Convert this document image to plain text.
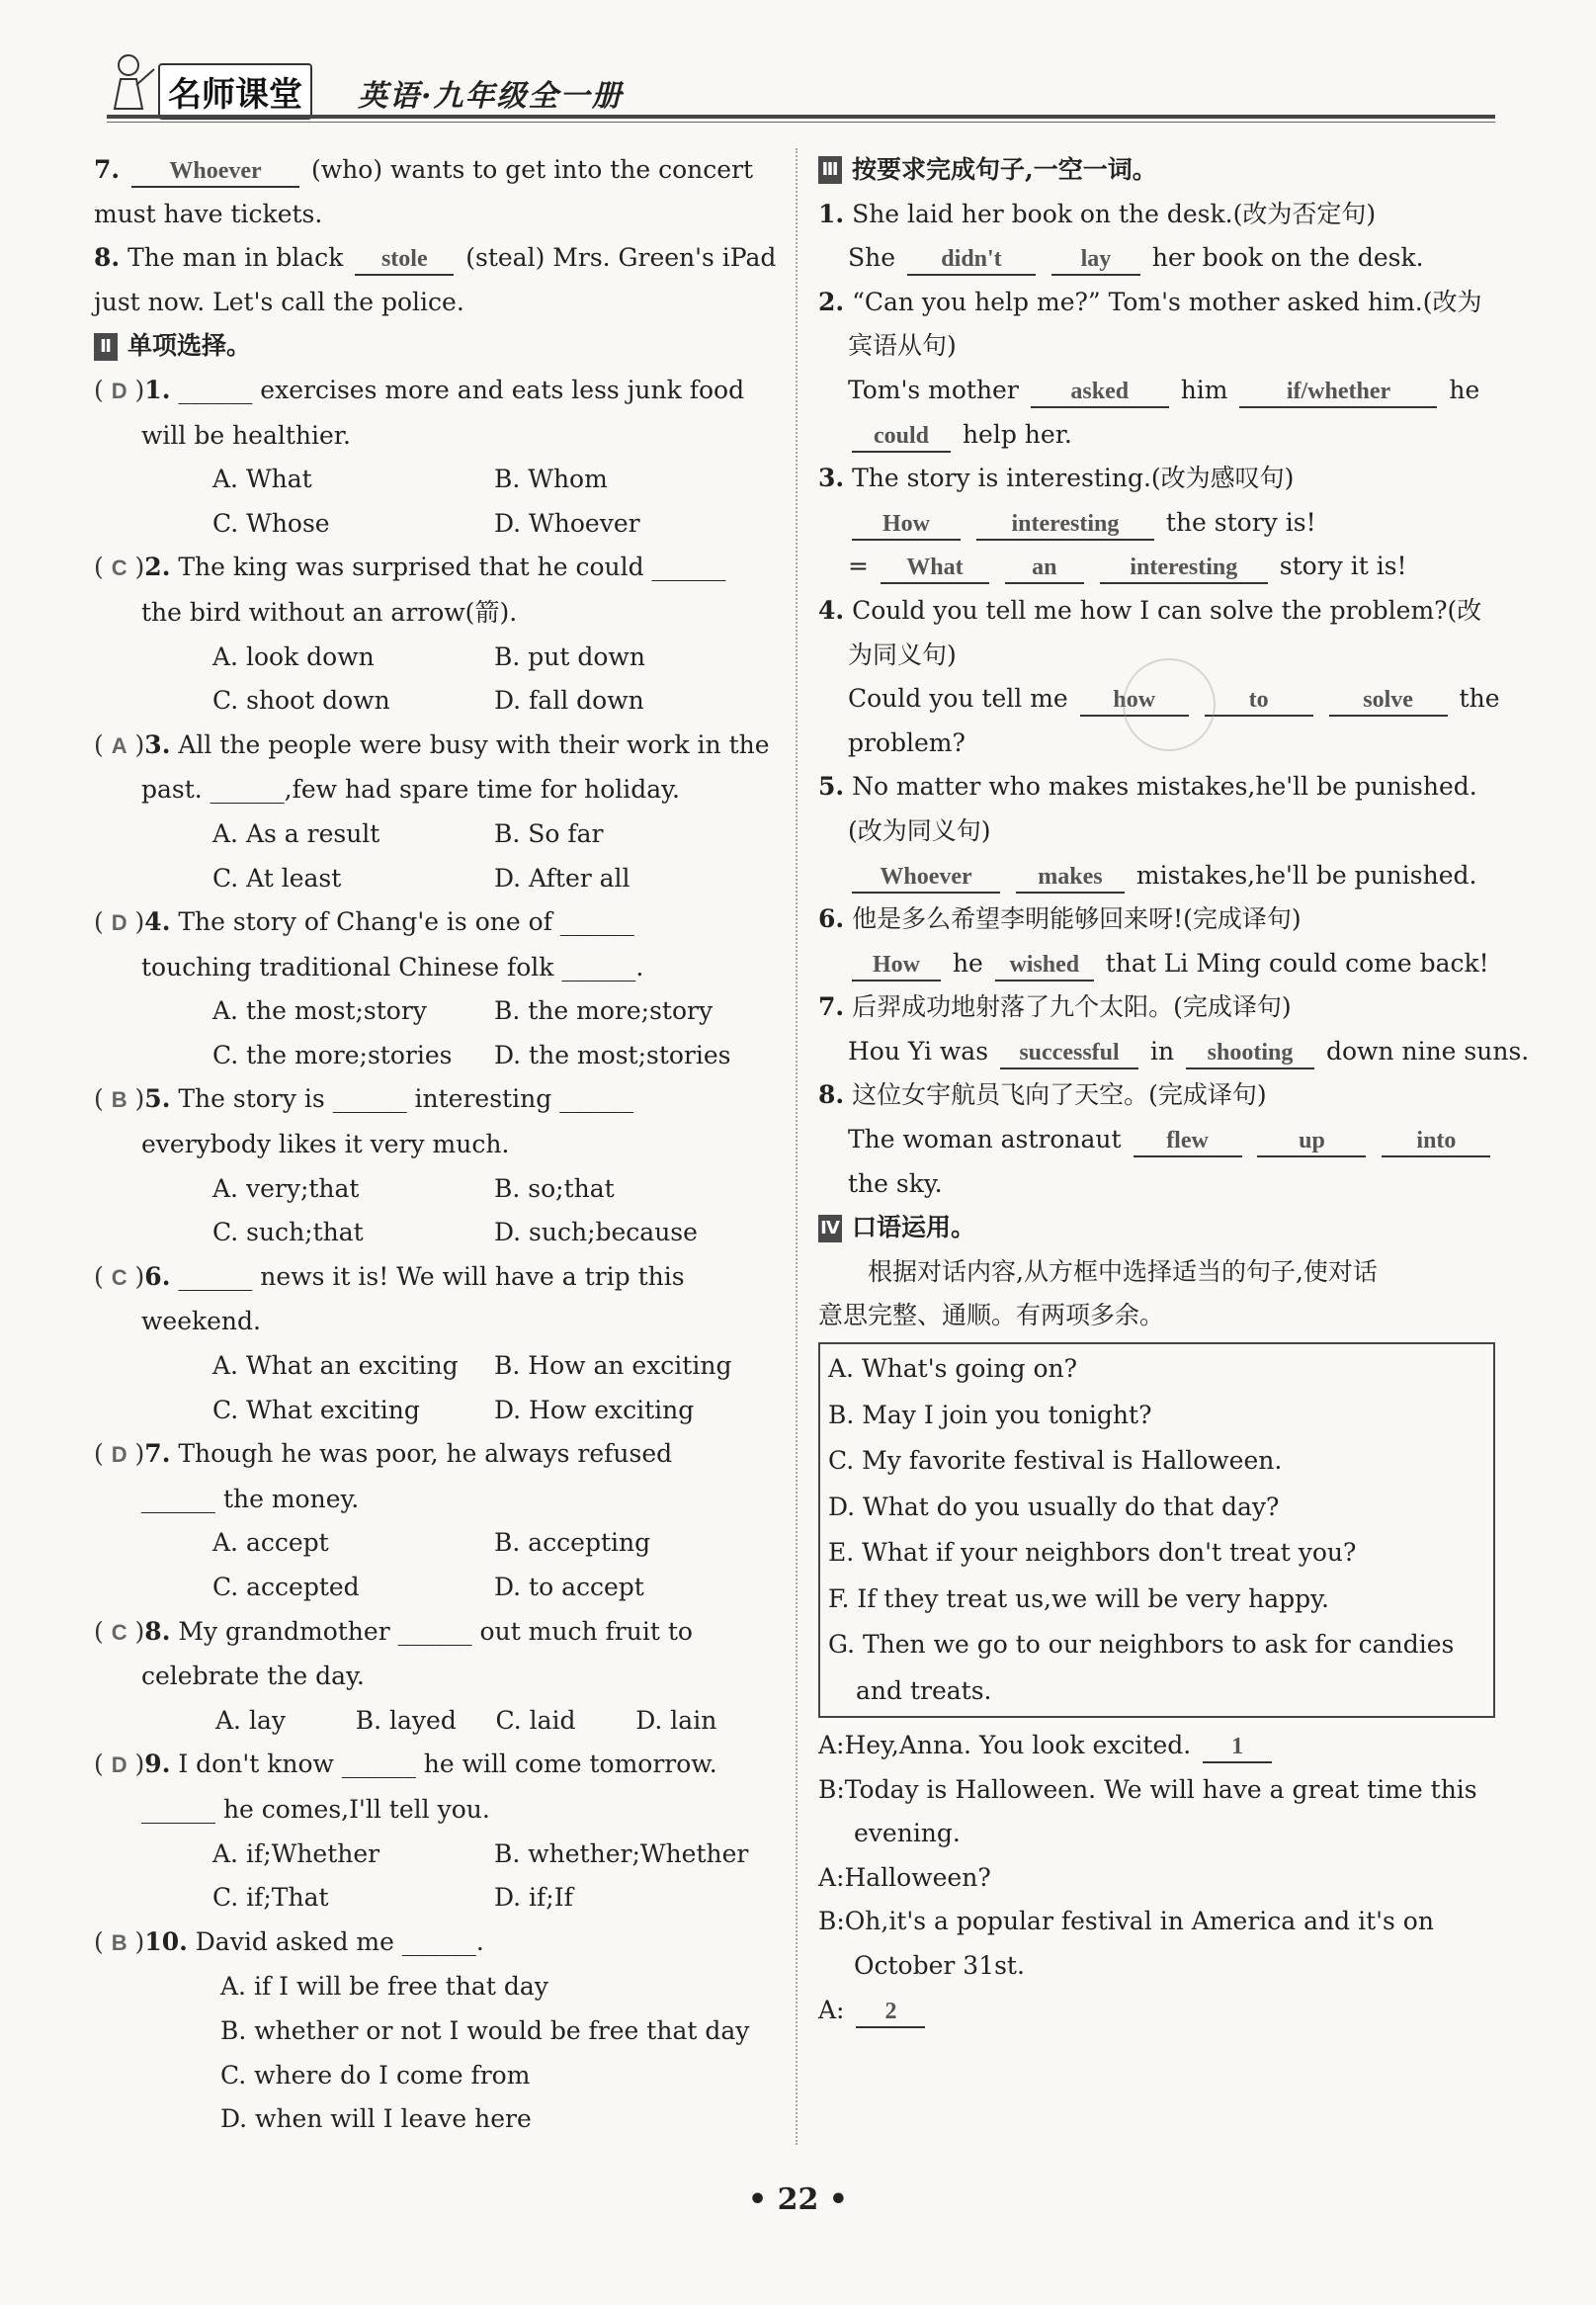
名师课堂	英语·九年级全一册
7. Whoever (who) wants to get into the concert
must have tickets.
8. The man in black stole (steal) Mrs. Green's iPad
just now. Let's call the police.
Ⅱ 单项选择。
( D )1. ______ exercises more and eats less junk food
will be healthier.
A. What	B. Whom
C. Whose	D. Whoever
( C )2. The king was surprised that he could ______
the bird without an arrow(箭).
A. look down	B. put down
C. shoot down	D. fall down
( A )3. All the people were busy with their work in the
past. ______,few had spare time for holiday.
A. As a result	B. So far
C. At least	D. After all
( D )4. The story of Chang'e is one of ______
touching traditional Chinese folk ______.
A. the most;story	B. the more;story
C. the more;stories	D. the most;stories
( B )5. The story is ______ interesting ______
everybody likes it very much.
A. very;that	B. so;that
C. such;that	D. such;because
( C )6. ______ news it is! We will have a trip this
weekend.
A. What an exciting	B. How an exciting
C. What exciting	D. How exciting
( D )7. Though he was poor, he always refused
______ the money.
A. accept	B. accepting
C. accepted	D. to accept
( C )8. My grandmother ______ out much fruit to
celebrate the day.
A. lay	B. layed	C. laid	D. lain
( D )9. I don't know ______ he will come tomorrow.
______ he comes,I'll tell you.
A. if;Whether	B. whether;Whether
C. if;That	D. if;If
( B )10. David asked me ______.
A. if I will be free that day
B. whether or not I would be free that day
C. where do I come from
D. when will I leave here
Ⅲ 按要求完成句子,一空一词。
1. She laid her book on the desk.(改为否定句)
She didn't	lay her book on the desk.
2. “Can you help me?” Tom's mother asked him.(改为
宾语从句)
Tom's mother asked him if/whether he
could help her.
3. The story is interesting.(改为感叹句)
How	interesting the story is!
= What	an	interesting story it is!
4. Could you tell me how I can solve the problem?(改
为同义句)
Could you tell me how	to	solve the
problem?
5. No matter who makes mistakes,he'll be punished.
(改为同义句)
Whoever	makes mistakes,he'll be punished.
6. 他是多么希望李明能够回来呀!(完成译句)
How he wished that Li Ming could come back!
7. 后羿成功地射落了九个太阳。(完成译句)
Hou Yi was successful in shooting down nine suns.
8. 这位女宇航员飞向了天空。(完成译句)
The woman astronaut flew	up	into
the sky.
Ⅳ 口语运用。
根据对话内容,从方框中选择适当的句子,使对话
意思完整、通顺。有两项多余。
A. What's going on?
B. May I join you tonight?
C. My favorite festival is Halloween.
D. What do you usually do that day?
E. What if your neighbors don't treat you?
F. If they treat us,we will be very happy.
G. Then we go to our neighbors to ask for candies
and treats.
A:Hey,Anna. You look excited. 1
B:Today is Halloween. We will have a great time this
evening.
A:Halloween?
B:Oh,it's a popular festival in America and it's on
October 31st.
A: 2
• 22 •
